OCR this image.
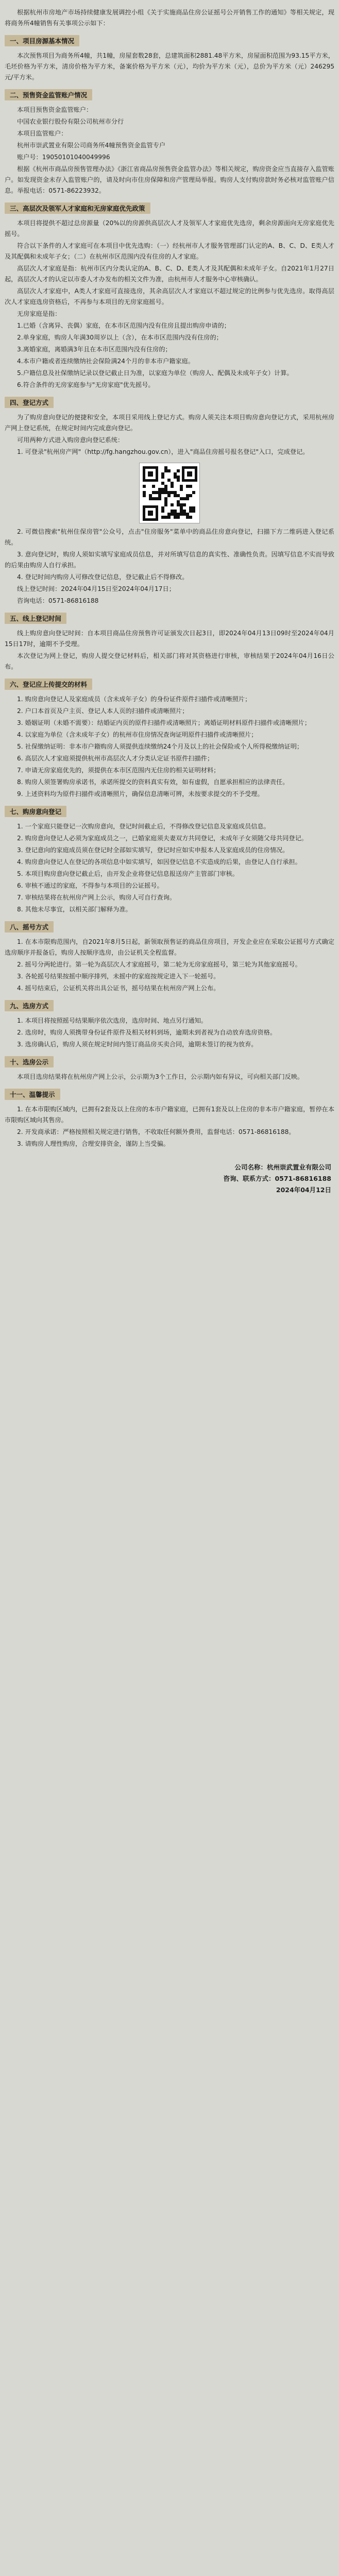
根据杭州市房地产市场持续健康发展调控小组《关于实施商品住房公证摇号公开销售工作的通知》等相关规定，现将商务所4幢销售有关事项公示如下：

一、项目房源基本情况

本次预售项目为商务所4幢，共1幢，房屋套数28套，总建筑面积2881.48平方米，房屋面积范围为93.15平方米，毛坯价格为平方米，清房价格为平方米，备案价格为平方米（元），均价为平方米（元），总价为平方米（元）246295元/平方米。

二、预售资金监管账户情况

本项目预售资金监管账户：

中国农业银行股份有限公司杭州市分行

本项目监管账户：

杭州市崇武置业有限公司商务所4幢预售资金监管专户

账户号：19050101040049996

根据《杭州市商品房预售管理办法》《浙江省商品房预售资金监管办法》等相关规定，购房资金应当直接存入监管账户。如发现资金未存入监管账户的，请及时向市住房保障和房产管理局举报。购房人支付购房款时务必核对监管账户信息。举报电话：0571-86223932。

三、高层次及领军人才家庭和无房家庭优先政策

本项目将提供不超过总房源量（20%以的房源供高层次人才及领军人才家庭优先选房，剩余房源面向无房家庭优先摇号。

符合以下条件的人才家庭可在本项目中优先选购：（一）经杭州市人才服务管理部门认定的A、B、C、D、E类人才及其配偶和未成年子女；（二）在杭州市区范围内没有住房的人才家庭。

高层次人才家庭是指：杭州市区内分类认定的A、B、C、D、E类人才及其配偶和未成年子女。自2021年1月27日起，高层次人才的认定以市委人才办发布的相关文件为准，由杭州市人才服务中心审核确认。

高层次人才家庭中，A类人才家庭可直接选房，其余高层次人才家庭以不超过规定的比例参与优先选房。取得高层次人才家庭选房资格后，不再参与本项目的无房家庭摇号。

无房家庭是指：

1.已婚（含离异、丧偶）家庭，在本市区范围内没有住房且提出购房申请的；

2.单身家庭，购房人年满30周岁以上（含），在本市区范围内没有住房的；

3.离婚家庭，离婚满3年且在本市区范围内没有住房的；

4.本市户籍或者连续缴纳社会保险满24个月的非本市户籍家庭。

5.户籍信息及社保缴纳记录以登记截止日为准，以家庭为单位（购房人、配偶及未成年子女）计算。

6.符合条件的无房家庭参与"无房家庭"优先摇号。

四、登记方式

为了购房意向登记的便捷和安全，本项目采用线上登记方式。购房人须关注本项目购房意向登记方式，采用杭州房产网上登记系统，在规定时间内完成意向登记。

可用两种方式进入购房意向登记系统：

1. 可登录"杭州房产网"（http://fg.hangzhou.gov.cn），进入"商品住房摇号报名登记"入口，完成登记。

2. 可微信搜索"杭州住保房管"公众号，点击"住房服务"菜单中的商品住房意向登记，扫描下方二维码进入登记系统。

3. 意向登记时，购房人须如实填写家庭成员信息，并对所填写信息的真实性、准确性负责。因填写信息不实而导致的后果由购房人自行承担。

4. 登记时间内购房人可修改登记信息，登记截止后不得修改。

线上登记时间：2024年04月15日至2024年04月17日；

咨询电话：0571-86816188

五、线上登记时间

线上购房意向登记时间：自本项目商品住房预售许可证颁发次日起3日，即2024年04月13日09时至2024年04月15日17时，逾期不予受理。

本次登记为网上登记，购房人提交登记材料后，相关部门将对其资格进行审核，审核结果于2024年04月16日公布。

六、登记应上传提交的材料

1. 购房意向登记人及家庭成员（含未成年子女）的身份证件原件扫描件或清晰照片；

2. 户口本首页及户主页、登记人本人页的扫描件或清晰照片；

3. 婚姻证明（未婚不需要）：结婚证内页的原件扫描件或清晰照片；离婚证明材料原件扫描件或清晰照片；

4. 以家庭为单位（含未成年子女）的杭州市住房情况查询证明原件扫描件或清晰照片；

5. 社保缴纳证明：非本市户籍购房人须提供连续缴纳24个月及以上的社会保险或个人所得税缴纳证明；

6. 高层次人才家庭须提供杭州市高层次人才分类认定证书原件扫描件；

7. 申请无房家庭优先的，须提供在本市区范围内无住房的相关证明材料；

8. 购房人须签署购房承诺书，承诺所提交的资料真实有效，如有虚假，自愿承担相应的法律责任。

9. 上述资料均为原件扫描件或清晰照片，确保信息清晰可辨，未按要求提交的不予受理。

七、购房意向登记

1. 一个家庭只能登记一次购房意向，登记时间截止后，不得修改登记信息及家庭成员信息。

2. 购房意向登记人必须为家庭成员之一，已婚家庭须夫妻双方共同登记，未成年子女须随父母共同登记。

3. 登记意向的家庭成员须在登记时全部如实填写，登记时应如实申报本人及家庭成员的住房情况。

4. 购房意向登记人在登记的各项信息中如实填写，如因登记信息不实造成的后果，由登记人自行承担。

5. 本项目购房意向登记截止后，由开发企业将登记信息报送房产主管部门审核。

6. 审核不通过的家庭，不得参与本项目的公证摇号。

7. 审核结果将在杭州房产网上公示，购房人可自行查询。

8. 其他未尽事宜，以相关部门解释为准。

八、摇号方式

1. 在本市限购范围内，自2021年8月5日起，新领取预售证的商品住房项目，开发企业应在采取公证摇号方式确定选房顺序并报备后，购房人按顺序选房，由公证机关全程监督。

2. 摇号分两轮进行。第一轮为高层次人才家庭摇号，第二轮为无房家庭摇号，第三轮为其他家庭摇号。

3. 各轮摇号结果按摇中顺序排列，未摇中的家庭按规定进入下一轮摇号。

4. 摇号结束后，公证机关将出具公证书，摇号结果在杭州房产网上公布。

九、选房方式

1. 本项目将按照摇号结果顺序依次选房，选房时间、地点另行通知。

2. 选房时，购房人须携带身份证件原件及相关材料到场，逾期未到者视为自动放弃选房资格。

3. 选房确认后，购房人须在规定时间内签订商品房买卖合同，逾期未签订的视为放弃。

十、选房公示

本项目选房结果将在杭州房产网上公示，公示期为3个工作日，公示期内如有异议，可向相关部门反映。

十一、温馨提示

1. 在本市限购区域内，已拥有2套及以上住房的本市户籍家庭，已拥有1套及以上住房的非本市户籍家庭，暂停在本市限购区域向其售房。

2. 开发商承诺：严格按照相关规定进行销售，不收取任何额外费用，监督电话：0571-86816188。

3. 请购房人理性购房，合理安排资金，谨防上当受骗。

公司名称：杭州崇武置业有限公司
咨询、联系方式：0571-86816188
2024年04月12日
